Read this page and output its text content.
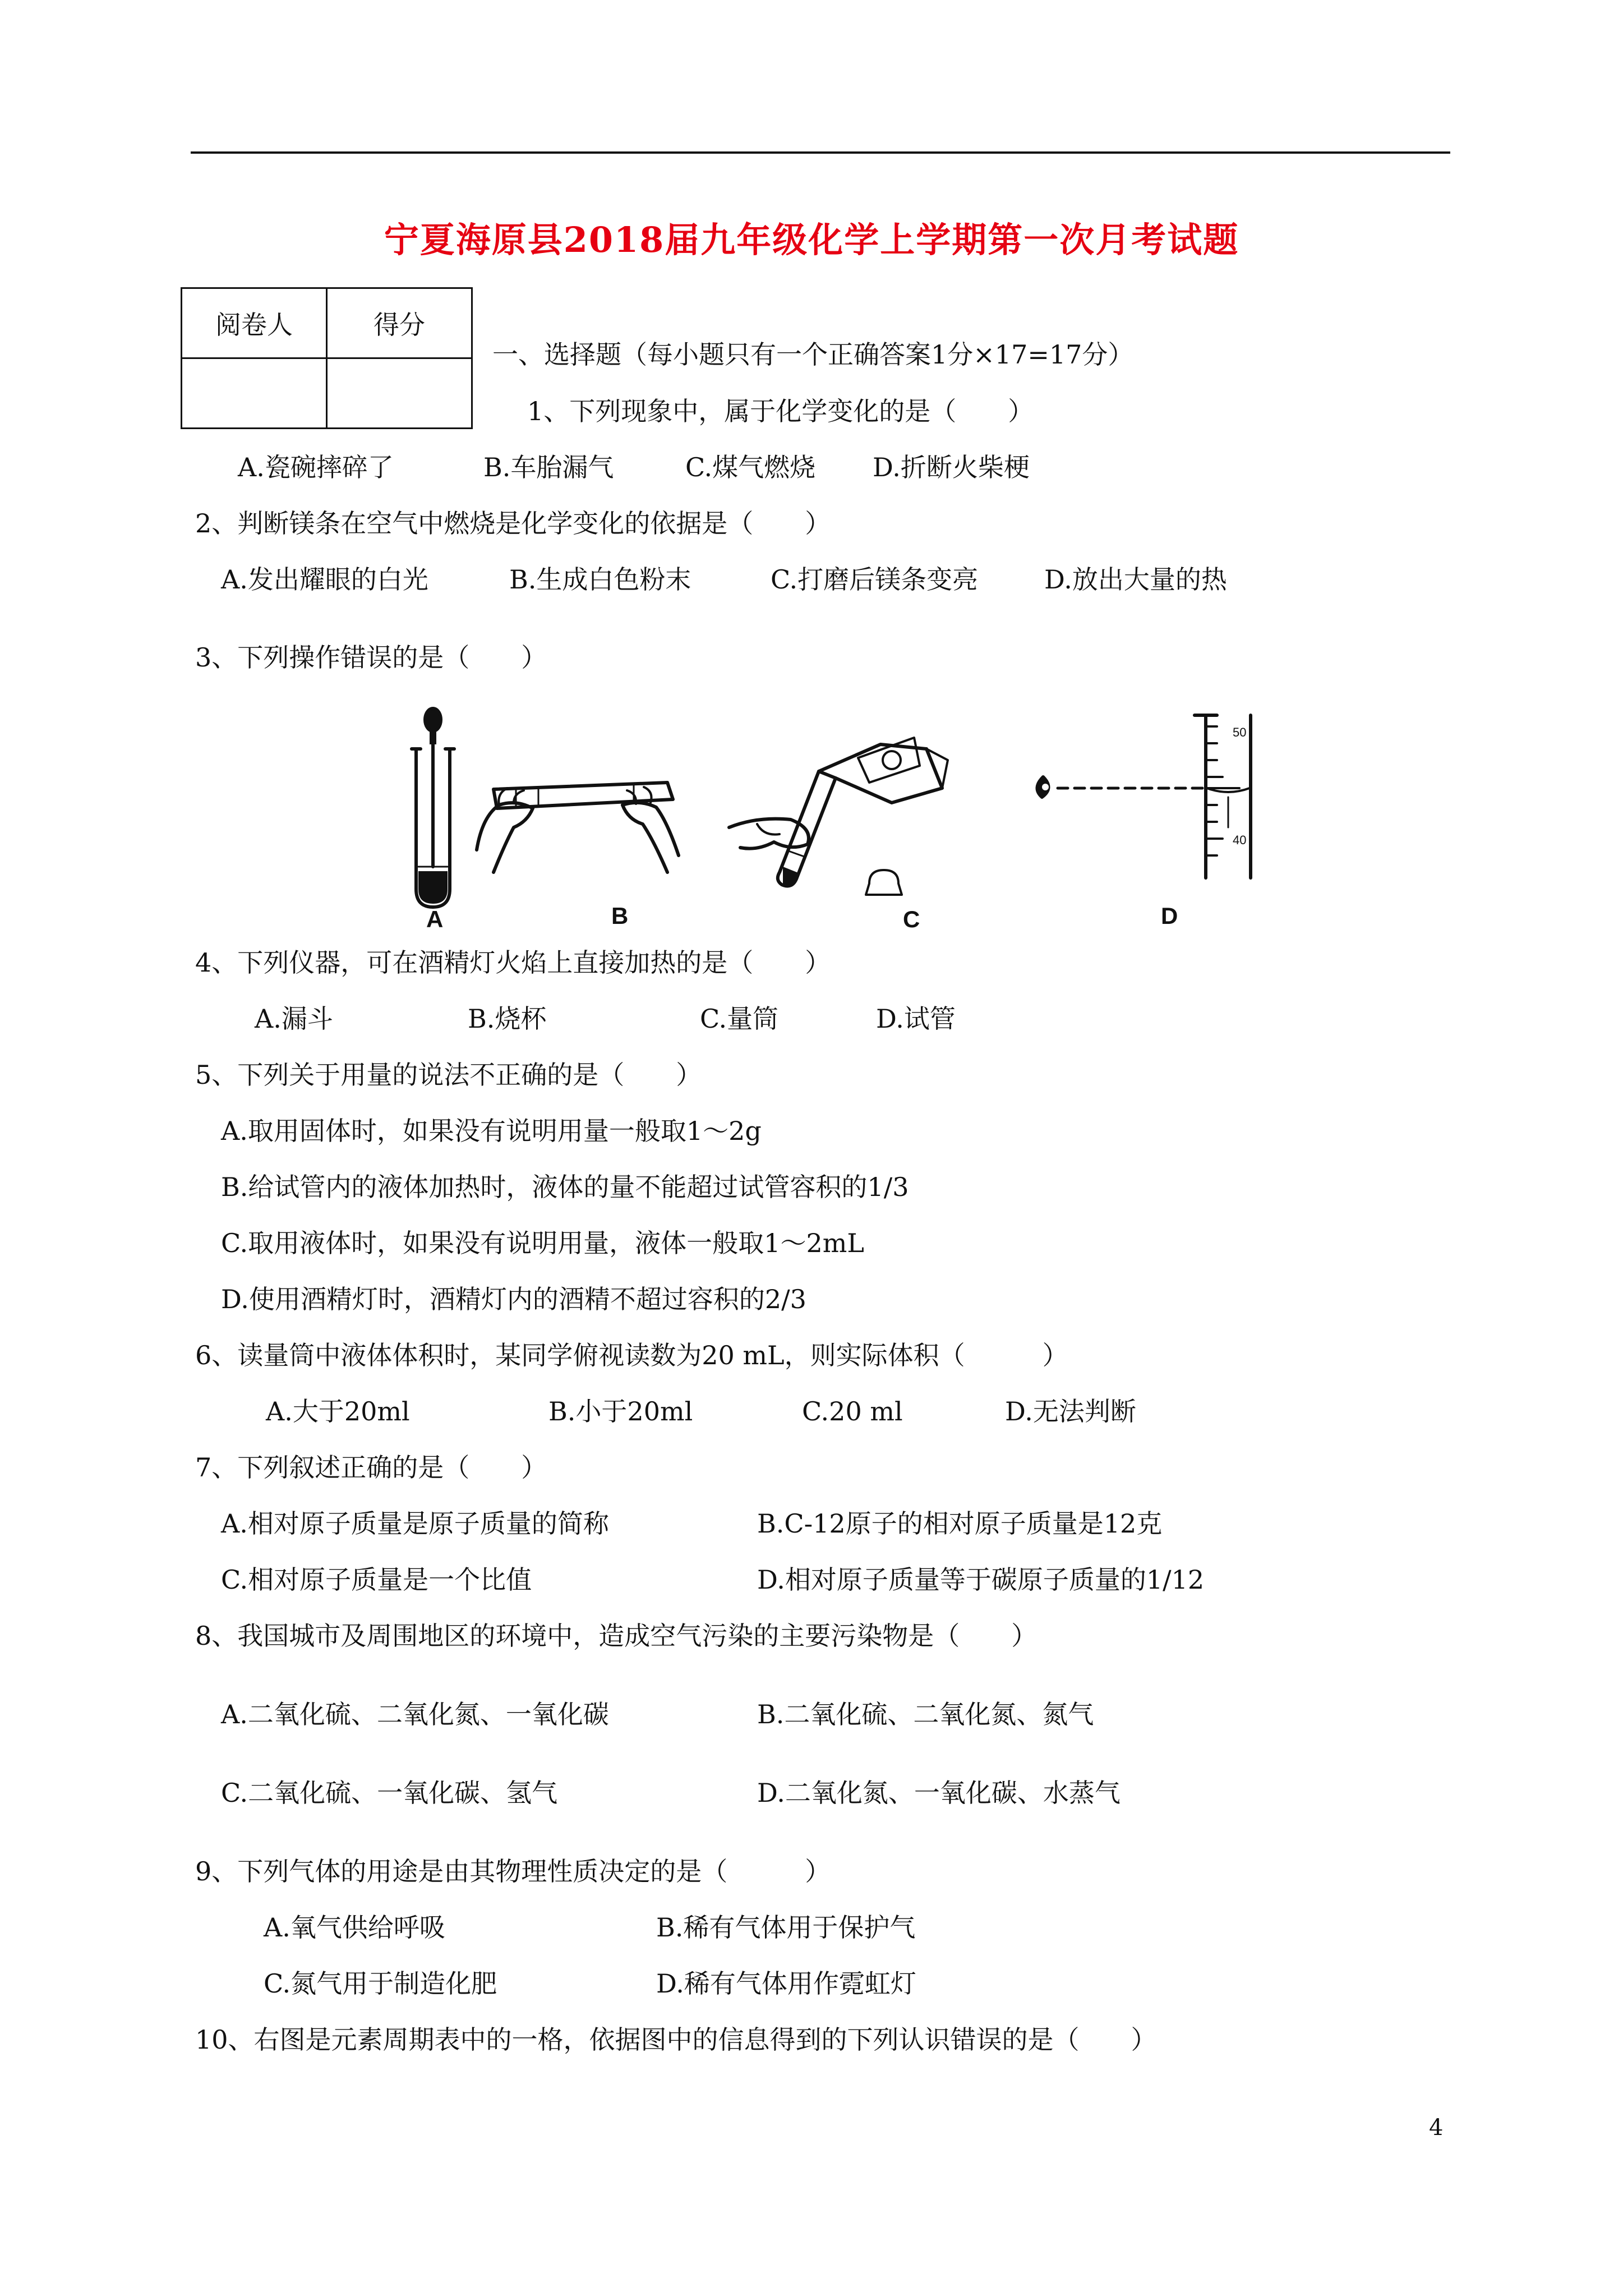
宁夏海原县2018届九年级化学上学期第一次月考试题
阅卷人	得分

一、选择题（每小题只有一个正确答案1分×17=17分）
1、下列现象中，属于化学变化的是（　　）
A.瓷碗摔碎了	B.车胎漏气	C.煤气燃烧 D.折断火柴梗
2、判断镁条在空气中燃烧是化学变化的依据是（　　）
A.发出耀眼的白光	B.生成白色粉末	C.打磨后镁条变亮	D.放出大量的热
3、下列操作错误的是（　　）
50
40
A	B	C	D
4、下列仪器，可在酒精灯火焰上直接加热的是（　　）
A.漏斗	B.烧杯	C.量筒	D.试管
5、下列关于用量的说法不正确的是（　　）
A.取用固体时，如果没有说明用量一般取1～2g
B.给试管内的液体加热时，液体的量不能超过试管容积的1/3
C.取用液体时，如果没有说明用量，液体一般取1～2mL
D.使用酒精灯时，酒精灯内的酒精不超过容积的2/3
6、读量筒中液体体积时，某同学俯视读数为20 mL，则实际体积（　　　）
A.大于20ml	B.小于20ml	C.20 ml	D.无法判断
7、下列叙述正确的是（　　）
A.相对原子质量是原子质量的简称	B.C-12原子的相对原子质量是12克
C.相对原子质量是一个比值	D.相对原子质量等于碳原子质量的1/12
8、我国城市及周围地区的环境中，造成空气污染的主要污染物是（　　）
A.二氧化硫、二氧化氮、一氧化碳	B.二氧化硫、二氧化氮、氮气
C.二氧化硫、一氧化碳、氢气	D.二氧化氮、一氧化碳、水蒸气
9、下列气体的用途是由其物理性质决定的是（　　　）
A.氧气供给呼吸	B.稀有气体用于保护气
C.氮气用于制造化肥	D.稀有气体用作霓虹灯
10、右图是元素周期表中的一格，依据图中的信息得到的下列认识错误的是（　　）
4
